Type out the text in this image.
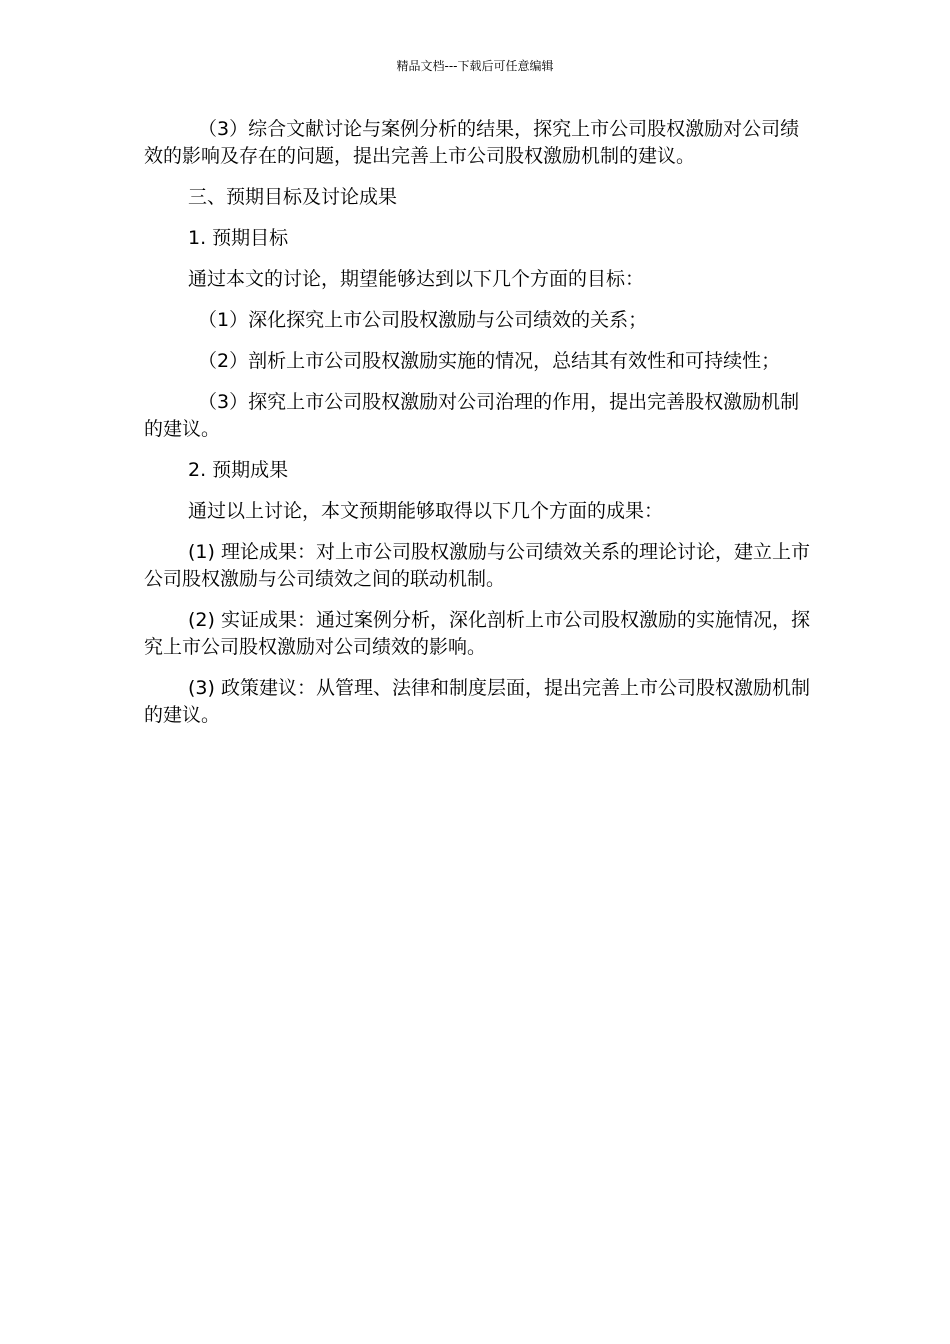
精品文档---下载后可任意编辑

（3）综合文献讨论与案例分析的结果，探究上市公司股权激励对公司绩效的影响及存在的问题，提出完善上市公司股权激励机制的建议。

三、预期目标及讨论成果

1. 预期目标

通过本文的讨论，期望能够达到以下几个方面的目标：

（1）深化探究上市公司股权激励与公司绩效的关系；

（2）剖析上市公司股权激励实施的情况，总结其有效性和可持续性；

（3）探究上市公司股权激励对公司治理的作用，提出完善股权激励机制的建议。

2. 预期成果

通过以上讨论，本文预期能够取得以下几个方面的成果：

(1) 理论成果：对上市公司股权激励与公司绩效关系的理论讨论，建立上市公司股权激励与公司绩效之间的联动机制。

(2) 实证成果：通过案例分析，深化剖析上市公司股权激励的实施情况，探究上市公司股权激励对公司绩效的影响。

(3) 政策建议：从管理、法律和制度层面，提出完善上市公司股权激励机制的建议。
